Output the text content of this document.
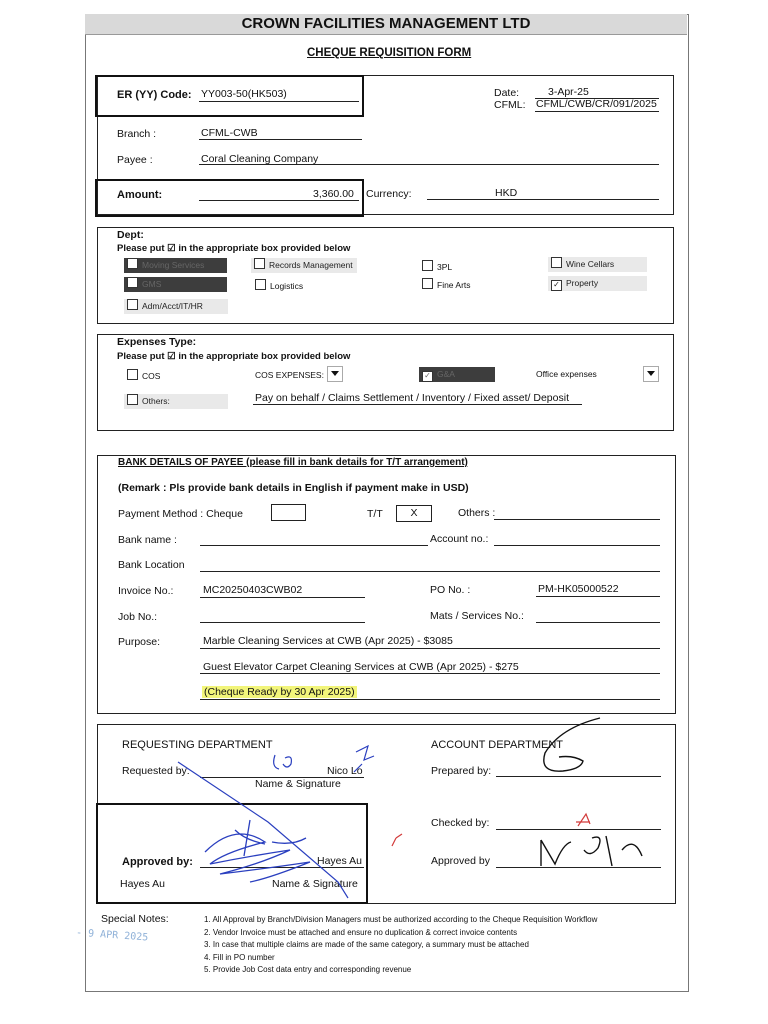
CROWN FACILITIES MANAGEMENT LTD
CHEQUE REQUISITION FORM
ER (YY) Code: YY003-50(HK503)	Date:	3-Apr-25
CFML: CFML/CWB/CR/091/2025
Branch :	CFML-CWB
Payee :	Coral Cleaning Company
Amount:	3,360.00 Currency:	HKD
Dept:
Please put ☑ in the appropriate box provided below
Moving Services	Records Management	3PL	Wine Cellars
GMS	Logistics	Fine Arts	✓ Property
Adm/Acct/IT/HR
Expenses Type:
Please put ☑ in the appropriate box provided below
COS	COS EXPENSES:	✓ G&A	Office expenses
Others:	Pay on behalf / Claims Settlement / Inventory / Fixed asset/ Deposit
BANK DETAILS OF PAYEE (please fill in bank details for T/T arrangement)
(Remark : Pls provide bank details in English if payment make in USD)
Payment Method : Cheque	T/T	X	Others :
Bank name :	Account no.:
Bank Location
Invoice No.:	MC20250403CWB02	PO No. :	PM-HK05000522
Job No.:	Mats / Services No.:
Purpose:	Marble Cleaning Services at CWB (Apr 2025) - $3085
Guest Elevator Carpet Cleaning Services at CWB (Apr 2025) - $275
(Cheque Ready by 30 Apr 2025)
REQUESTING DEPARTMENT
Requested by:	Nico Lo
Name & Signature
Approved by:	Hayes Au
Hayes Au	Name & Signature
ACCOUNT DEPARTMENT
Prepared by:
Checked by:
Approved by
Special Notes:
- 9 APR 2025
1. All Approval by Branch/Division Managers must be authorized according to the Cheque Requisition Workflow
2. Vendor Invoice must be attached and ensure no duplication & correct invoice contents
3. In case that multiple claims are made of the same category, a summary must be attached
4. Fill in PO number
5. Provide Job Cost data entry and corresponding revenue
